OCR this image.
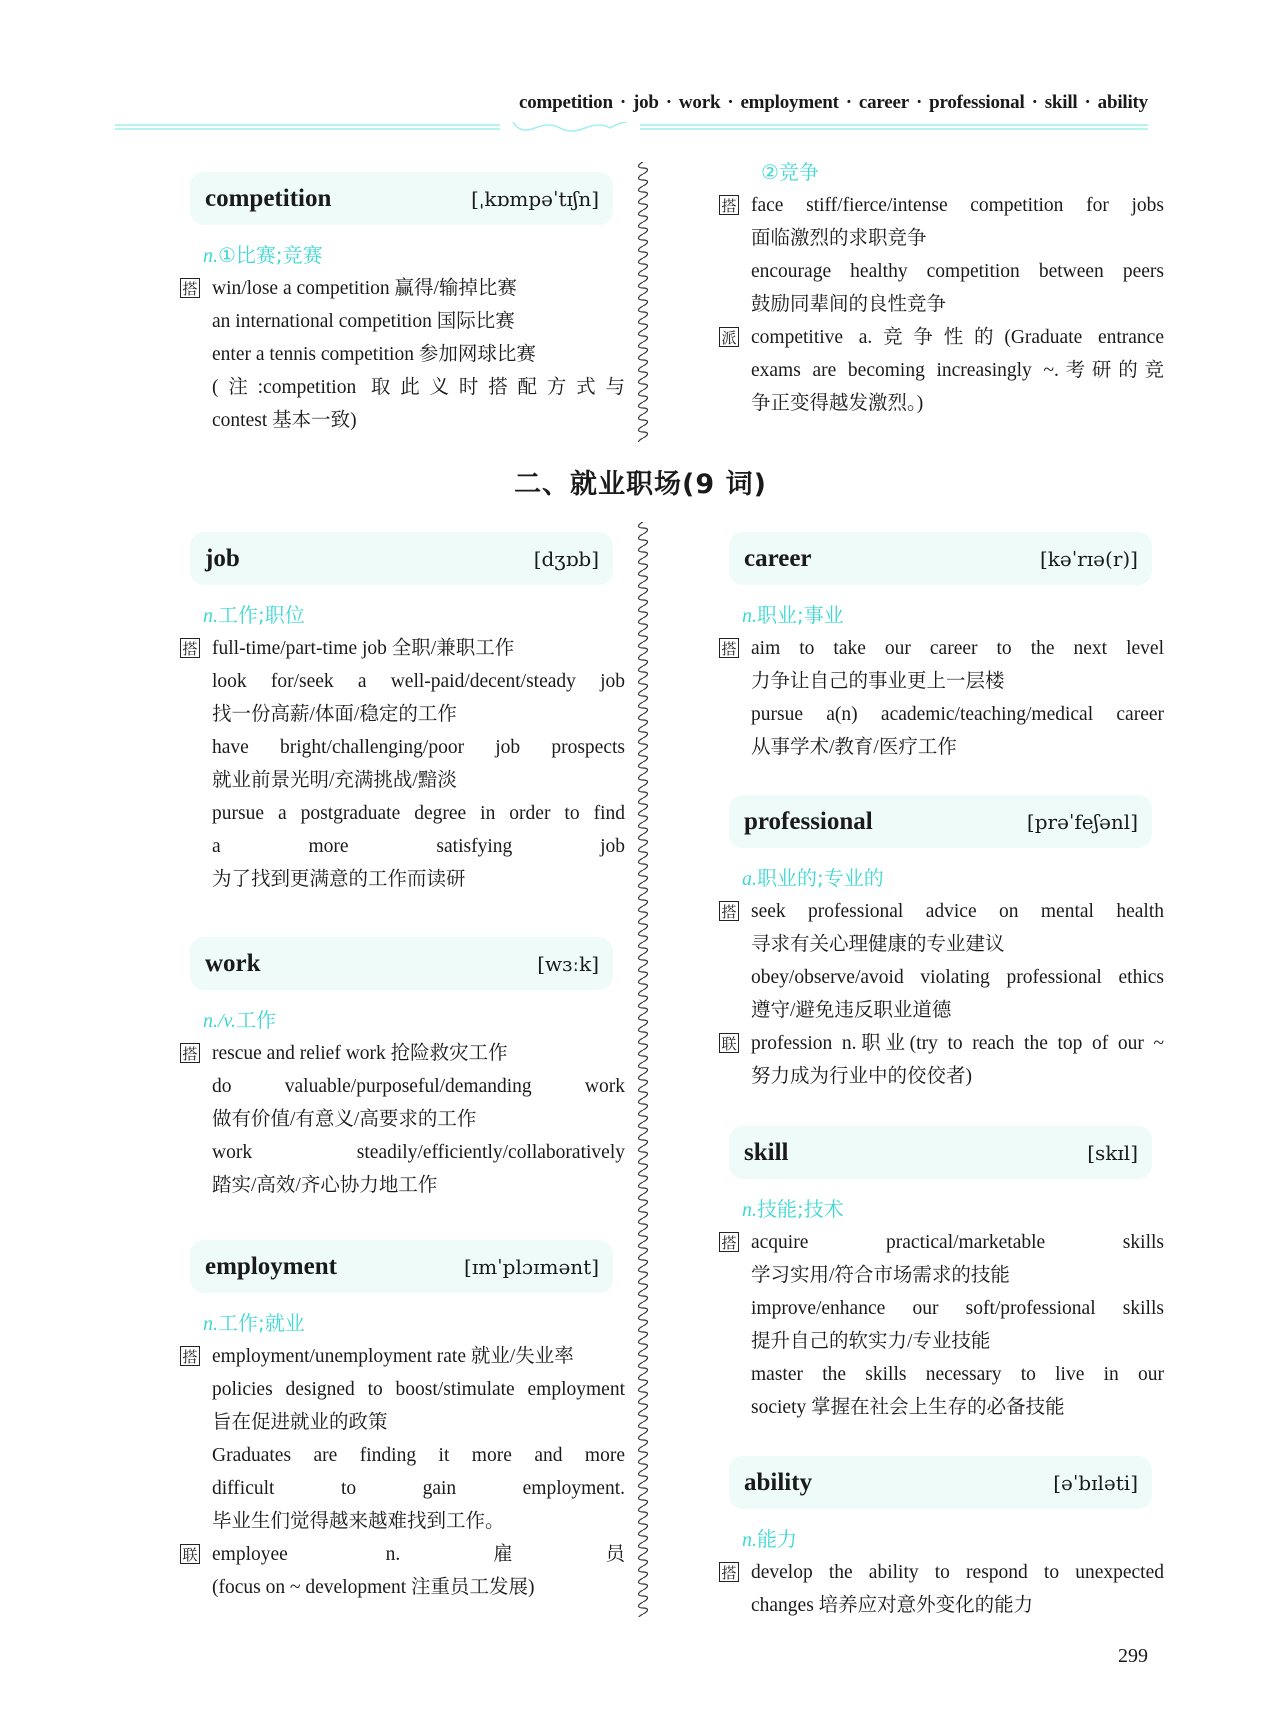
competition · job · work · employment · career · professional · skill · ability
competition	[ˌkɒmpəˈtɪʃn]
n.①比赛;竞赛
搭 win/lose a competition 赢得/输掉比赛
an international competition 国际比赛
enter a tennis competition 参加网球比赛
(注:competition 取此义时搭配方式与
contest 基本一致)
②竞争
搭 face stiff/fierce/intense competition for jobs
面临激烈的求职竞争
encourage healthy competition between peers
鼓励同辈间的良性竞争
派 competitive a.竞争性的(Graduate entrance
exams are becoming increasingly ~.考研的竞
争正变得越发激烈。)
二、就业职场(9 词)
job	[dʒɒb]
n.工作;职位
搭 full-time/part-time job 全职/兼职工作
look for/seek a well-paid/decent/steady job
找一份高薪/体面/稳定的工作
have bright/challenging/poor job prospects
就业前景光明/充满挑战/黯淡
pursue a postgraduate degree in order to find
a more satisfying job
为了找到更满意的工作而读研
work	[wɜːk]
n./v.工作
搭 rescue and relief work 抢险救灾工作
do valuable/purposeful/demanding work
做有价值/有意义/高要求的工作
work steadily/efficiently/collaboratively
踏实/高效/齐心协力地工作
employment	[ɪmˈplɔɪmənt]
n.工作;就业
搭 employment/unemployment rate 就业/失业率
policies designed to boost/stimulate employment
旨在促进就业的政策
Graduates are finding it more and more
difficult to gain employment.
毕业生们觉得越来越难找到工作。
联 employee n.雇员
(focus on ~ development 注重员工发展)
career	[kəˈrɪə(r)]
n.职业;事业
搭 aim to take our career to the next level
力争让自己的事业更上一层楼
pursue a(n) academic/teaching/medical career
从事学术/教育/医疗工作
professional	[prəˈfeʃənl]
a.职业的;专业的
搭 seek professional advice on mental health
寻求有关心理健康的专业建议
obey/observe/avoid violating professional ethics
遵守/避免违反职业道德
联 profession n.职业(try to reach the top of our ~
努力成为行业中的佼佼者)
skill	[skɪl]
n.技能;技术
搭 acquire practical/marketable skills
学习实用/符合市场需求的技能
improve/enhance our soft/professional skills
提升自己的软实力/专业技能
master the skills necessary to live in our
society 掌握在社会上生存的必备技能
ability	[əˈbɪləti]
n.能力
搭 develop the ability to respond to unexpected
changes 培养应对意外变化的能力
299
